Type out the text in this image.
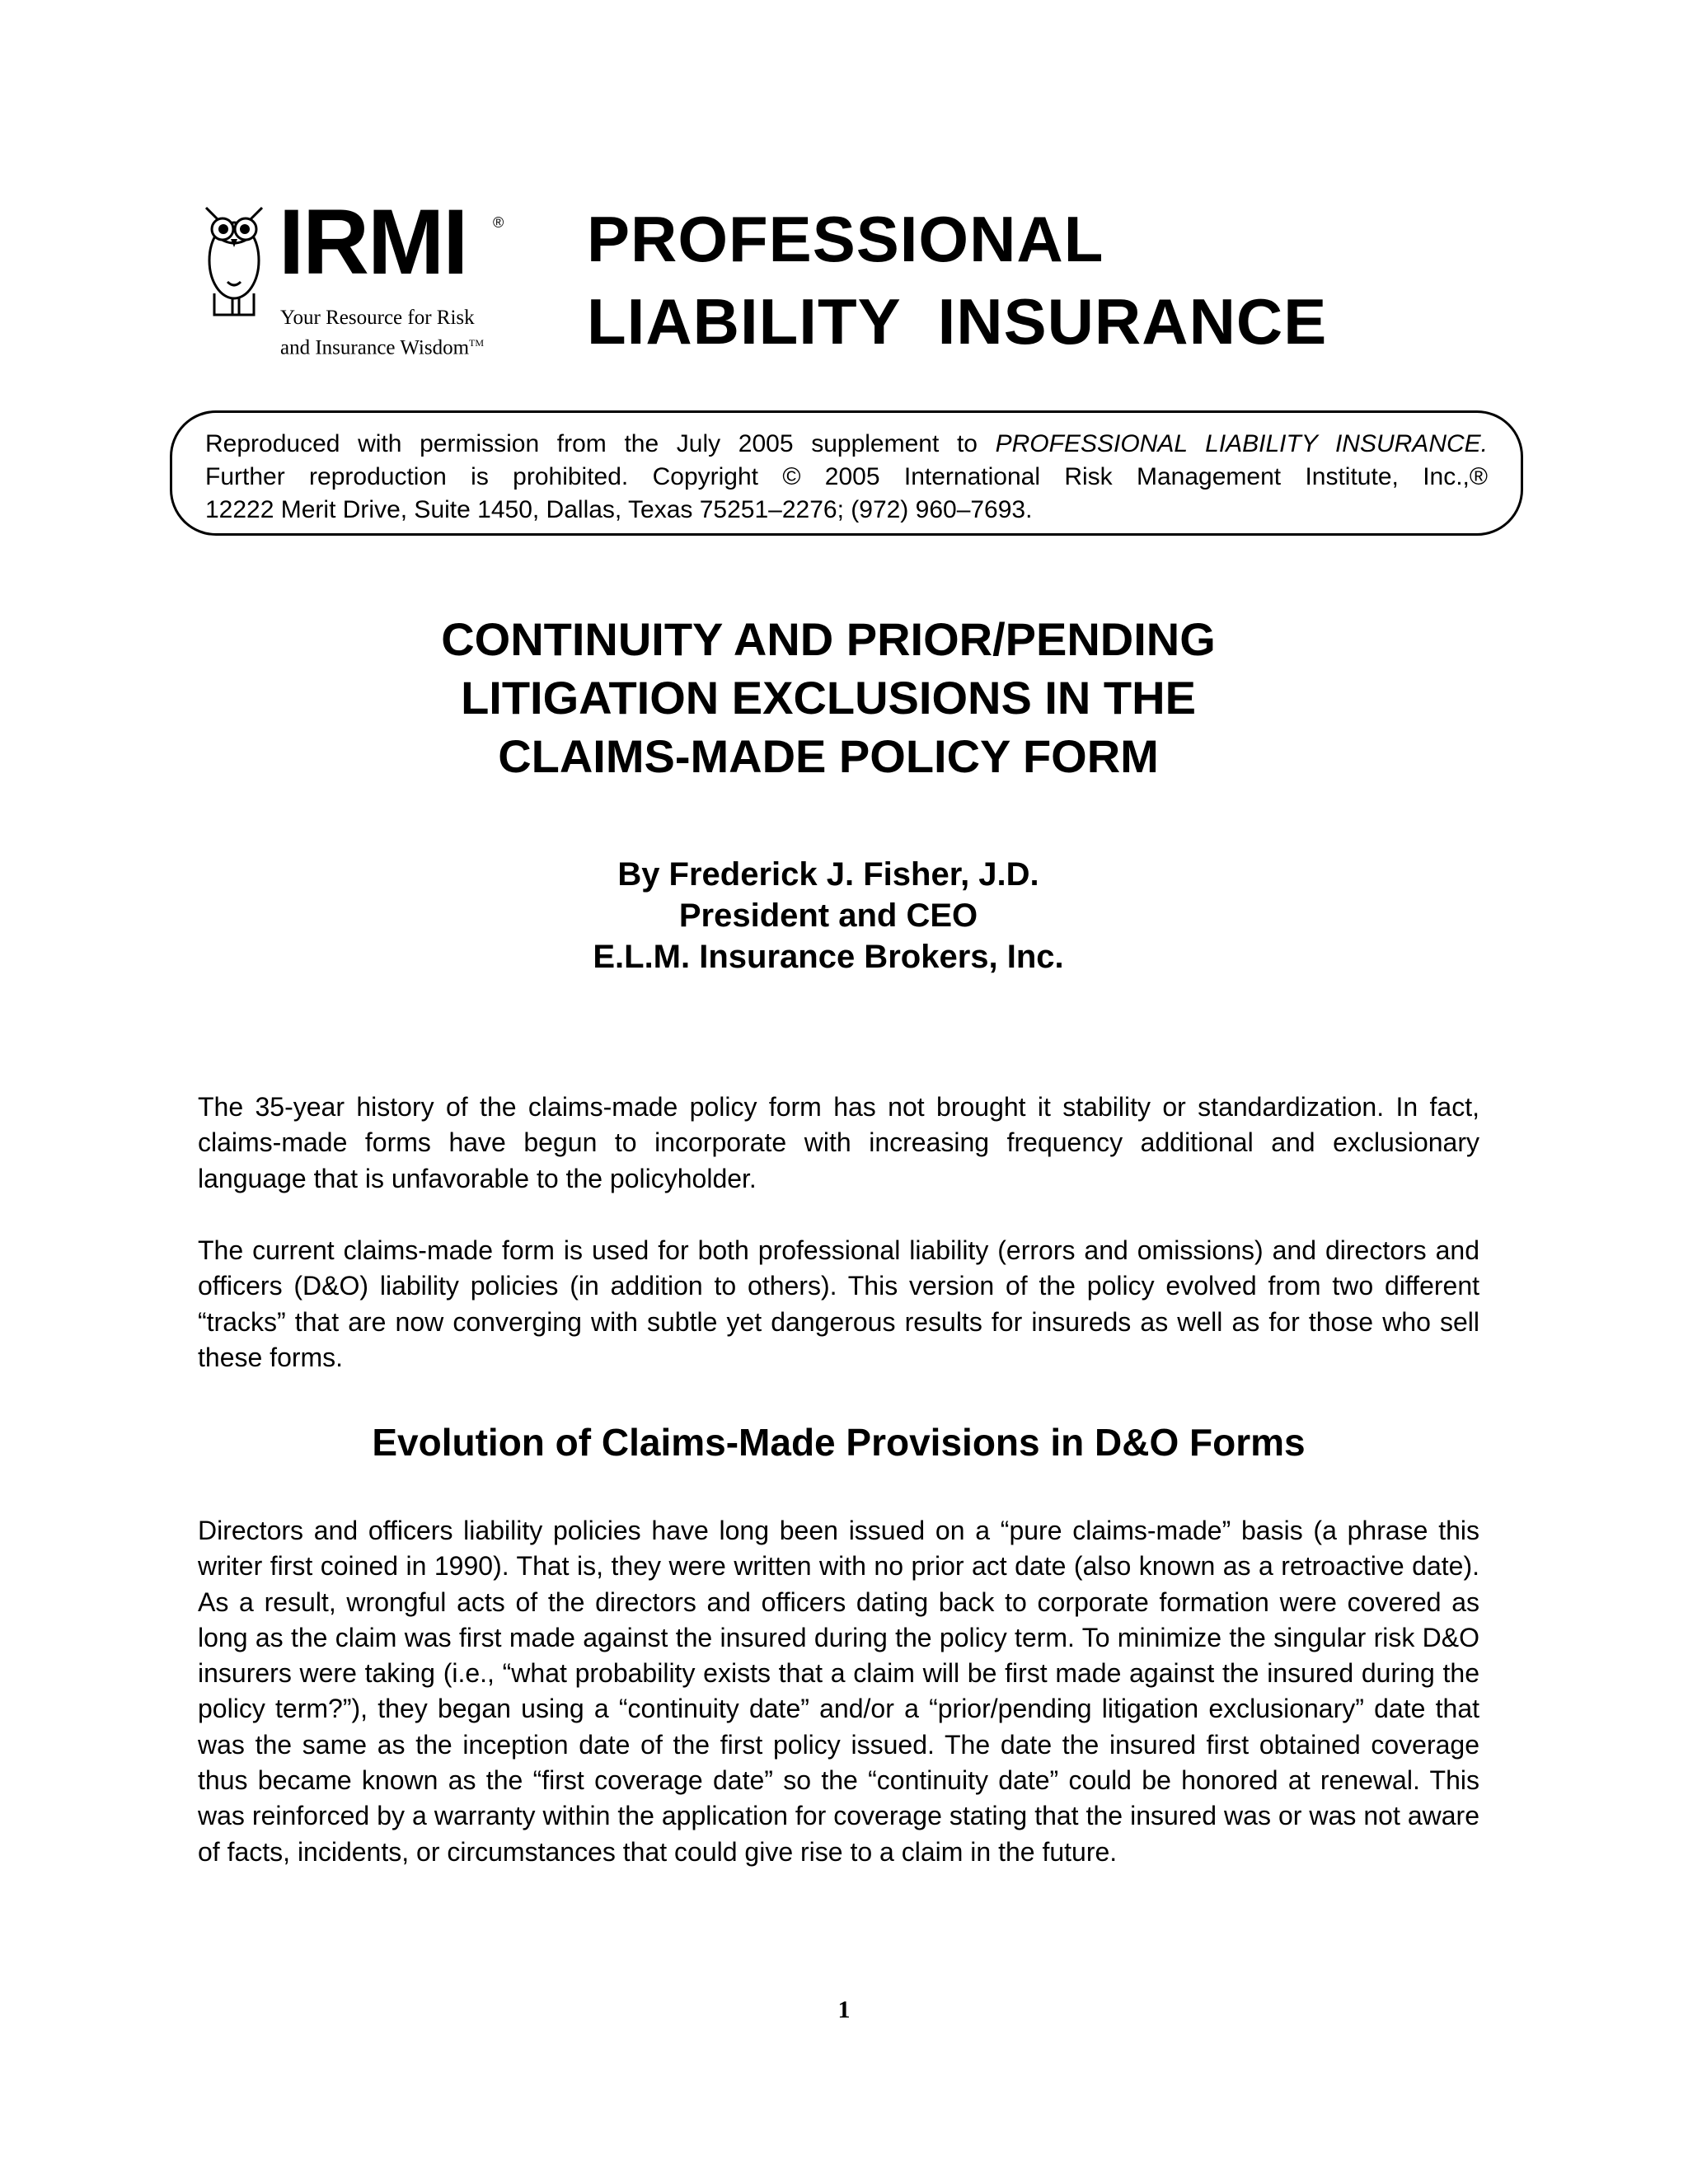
IRMI ®
Your Resource for Risk
and Insurance Wisdom™
PROFESSIONAL
LIABILITY  INSURANCE
Reproduced with permission from the July 2005 supplement to PROFESSIONAL LIABILITY INSURANCE.
Further reproduction is prohibited. Copyright © 2005 International Risk Management Institute, Inc.,®
12222 Merit Drive, Suite 1450, Dallas, Texas 75251–2276; (972) 960–7693.
CONTINUITY AND PRIOR/PENDING
LITIGATION EXCLUSIONS IN THE
CLAIMS-MADE POLICY FORM
By Frederick J. Fisher, J.D.
President and CEO
E.L.M. Insurance Brokers, Inc.

The 35-year history of the claims-made policy form has not brought it stability or standardization. In fact, claims-made forms have begun to incorporate with increasing frequency additional and exclusionary language that is unfavorable to the policyholder.

The current claims-made form is used for both professional liability (errors and omissions) and directors and officers (D&O) liability policies (in addition to others). This version of the policy evolved from two different “tracks” that are now converging with subtle yet dangerous results for insureds as well as for those who sell these forms.

Evolution of Claims-Made Provisions in D&O Forms

Directors and officers liability policies have long been issued on a “pure claims-made” basis (a phrase this writer first coined in 1990). That is, they were written with no prior act date (also known as a retroactive date). As a result, wrongful acts of the directors and officers dating back to corporate formation were covered as long as the claim was first made against the insured during the policy term. To minimize the singular risk D&O insurers were taking (i.e., “what probability exists that a claim will be first made against the insured during the policy term?”), they began using a “continuity date” and/or a “prior/pending litigation exclusionary” date that was the same as the inception date of the first policy issued. The date the insured first obtained coverage thus became known as the “first coverage date” so the “continuity date” could be honored at renewal. This was reinforced by a warranty within the application for coverage stating that the insured was or was not aware of facts, incidents, or circumstances that could give rise to a claim in the future.

1
